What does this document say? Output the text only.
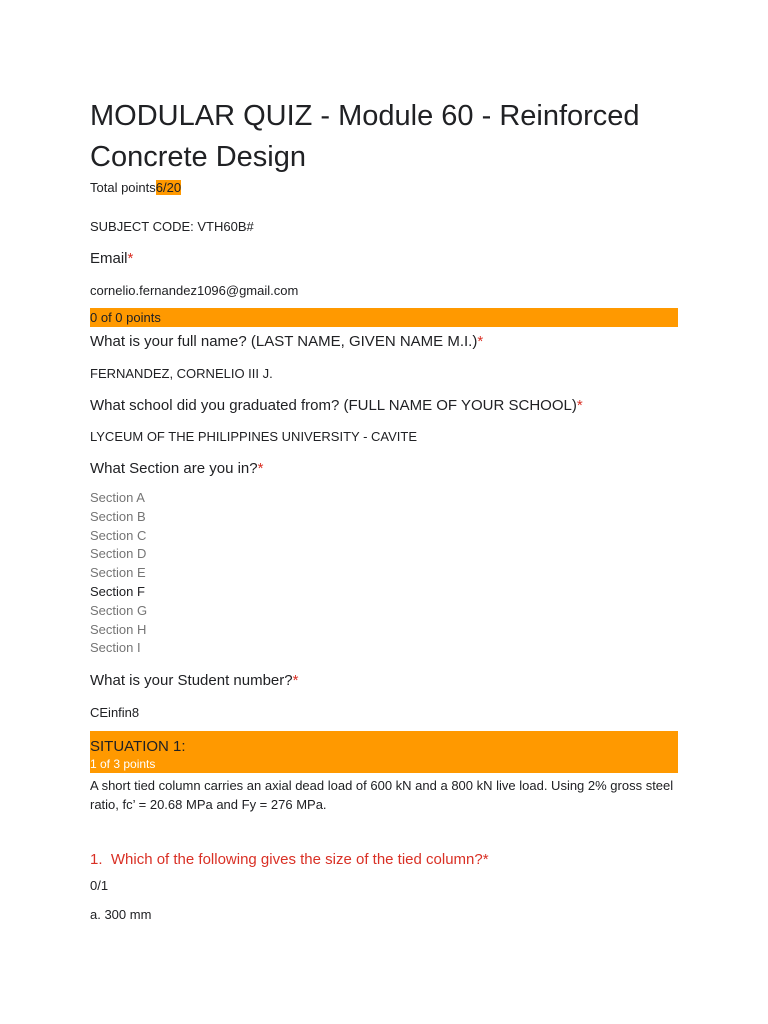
MODULAR QUIZ - Module 60 - Reinforced Concrete Design
Total points6/20
SUBJECT CODE: VTH60B#
Email*
cornelio.fernandez1096@gmail.com
0 of 0 points
What is your full name? (LAST NAME, GIVEN NAME M.I.)*
FERNANDEZ, CORNELIO III J.
What school did you graduated from? (FULL NAME OF YOUR SCHOOL)*
LYCEUM OF THE PHILIPPINES UNIVERSITY - CAVITE
What Section are you in?*
Section A
Section B
Section C
Section D
Section E
Section F
Section G
Section H
Section I
What is your Student number?*
CEinfin8
SITUATION 1:
1 of 3 points
A short tied column carries an axial dead load of 600 kN and a 800 kN live load. Using 2% gross steel ratio, fc’ = 20.68 MPa and Fy = 276 MPa.
1. Which of the following gives the size of the tied column?*
0/1
a. 300 mm
